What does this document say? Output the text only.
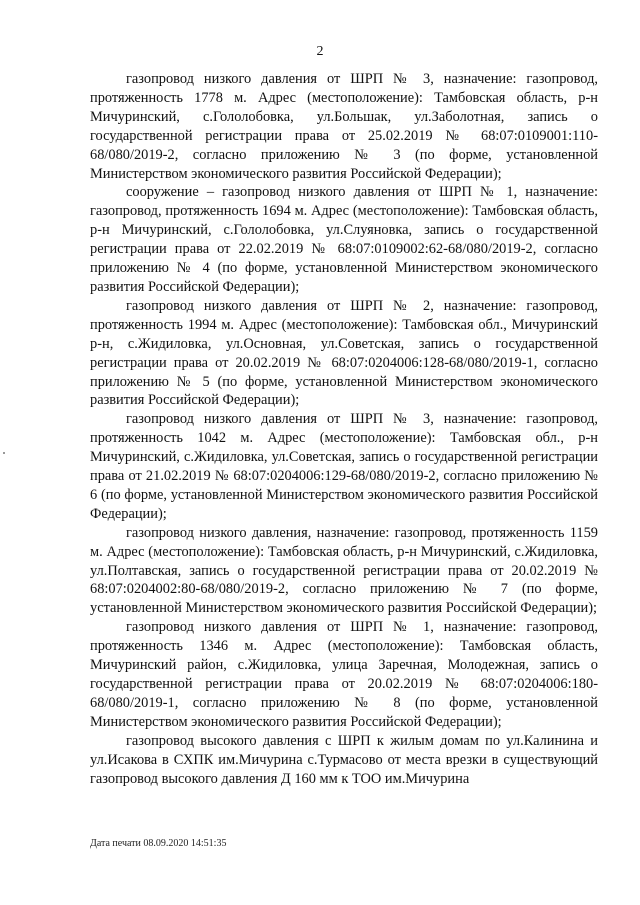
2

газопровод низкого давления от ШРП № 3, назначение: газопровод, протяженность 1778 м. Адрес (местоположение): Тамбовская область, р-н Мичуринский, с.Гололобовка, ул.Большак, ул.Заболотная, запись о государственной регистрации права от 25.02.2019 № 68:07:0109001:110-68/080/2019-2, согласно приложению № 3 (по форме, установленной Министерством экономического развития Российской Федерации);

сооружение – газопровод низкого давления от ШРП № 1, назначение: газопровод, протяженность 1694 м. Адрес (местоположение): Тамбовская область, р-н Мичуринский, с.Гололобовка, ул.Слуяновка, запись о государственной регистрации права от 22.02.2019 № 68:07:0109002:62-68/080/2019-2, согласно приложению № 4 (по форме, установленной Министерством экономического развития Российской Федерации);

газопровод низкого давления от ШРП № 2, назначение: газопровод, протяженность 1994 м. Адрес (местоположение): Тамбовская обл., Мичуринский р-н, с.Жидиловка, ул.Основная, ул.Советская, запись о государственной регистрации права от 20.02.2019 № 68:07:0204006:128-68/080/2019-1, согласно приложению № 5 (по форме, установленной Министерством экономического развития Российской Федерации);

газопровод низкого давления от ШРП № 3, назначение: газопровод, протяженность 1042 м. Адрес (местоположение): Тамбовская обл., р-н Мичуринский, с.Жидиловка, ул.Советская, запись о государственной регистрации права от 21.02.2019 № 68:07:0204006:129-68/080/2019-2, согласно приложению № 6 (по форме, установленной Министерством экономического развития Российской Федерации);

газопровод низкого давления, назначение: газопровод, протяженность 1159 м. Адрес (местоположение): Тамбовская область, р-н Мичуринский, с.Жидиловка, ул.Полтавская, запись о государственной регистрации права от 20.02.2019 № 68:07:0204002:80-68/080/2019-2, согласно приложению № 7 (по форме, установленной Министерством экономического развития Российской Федерации);

газопровод низкого давления от ШРП № 1, назначение: газопровод, протяженность 1346 м. Адрес (местоположение): Тамбовская область, Мичуринский район, с.Жидиловка, улица Заречная, Молодежная, запись о государственной регистрации права от 20.02.2019 № 68:07:0204006:180-68/080/2019-1, согласно приложению № 8 (по форме, установленной Министерством экономического развития Российской Федерации);

газопровод высокого давления с ШРП к жилым домам по ул.Калинина и ул.Исакова в СХПК им.Мичурина с.Турмасово от места врезки в существующий газопровод высокого давления Д 160 мм к ТОО им.Мичурина

Дата печати 08.09.2020 14:51:35
